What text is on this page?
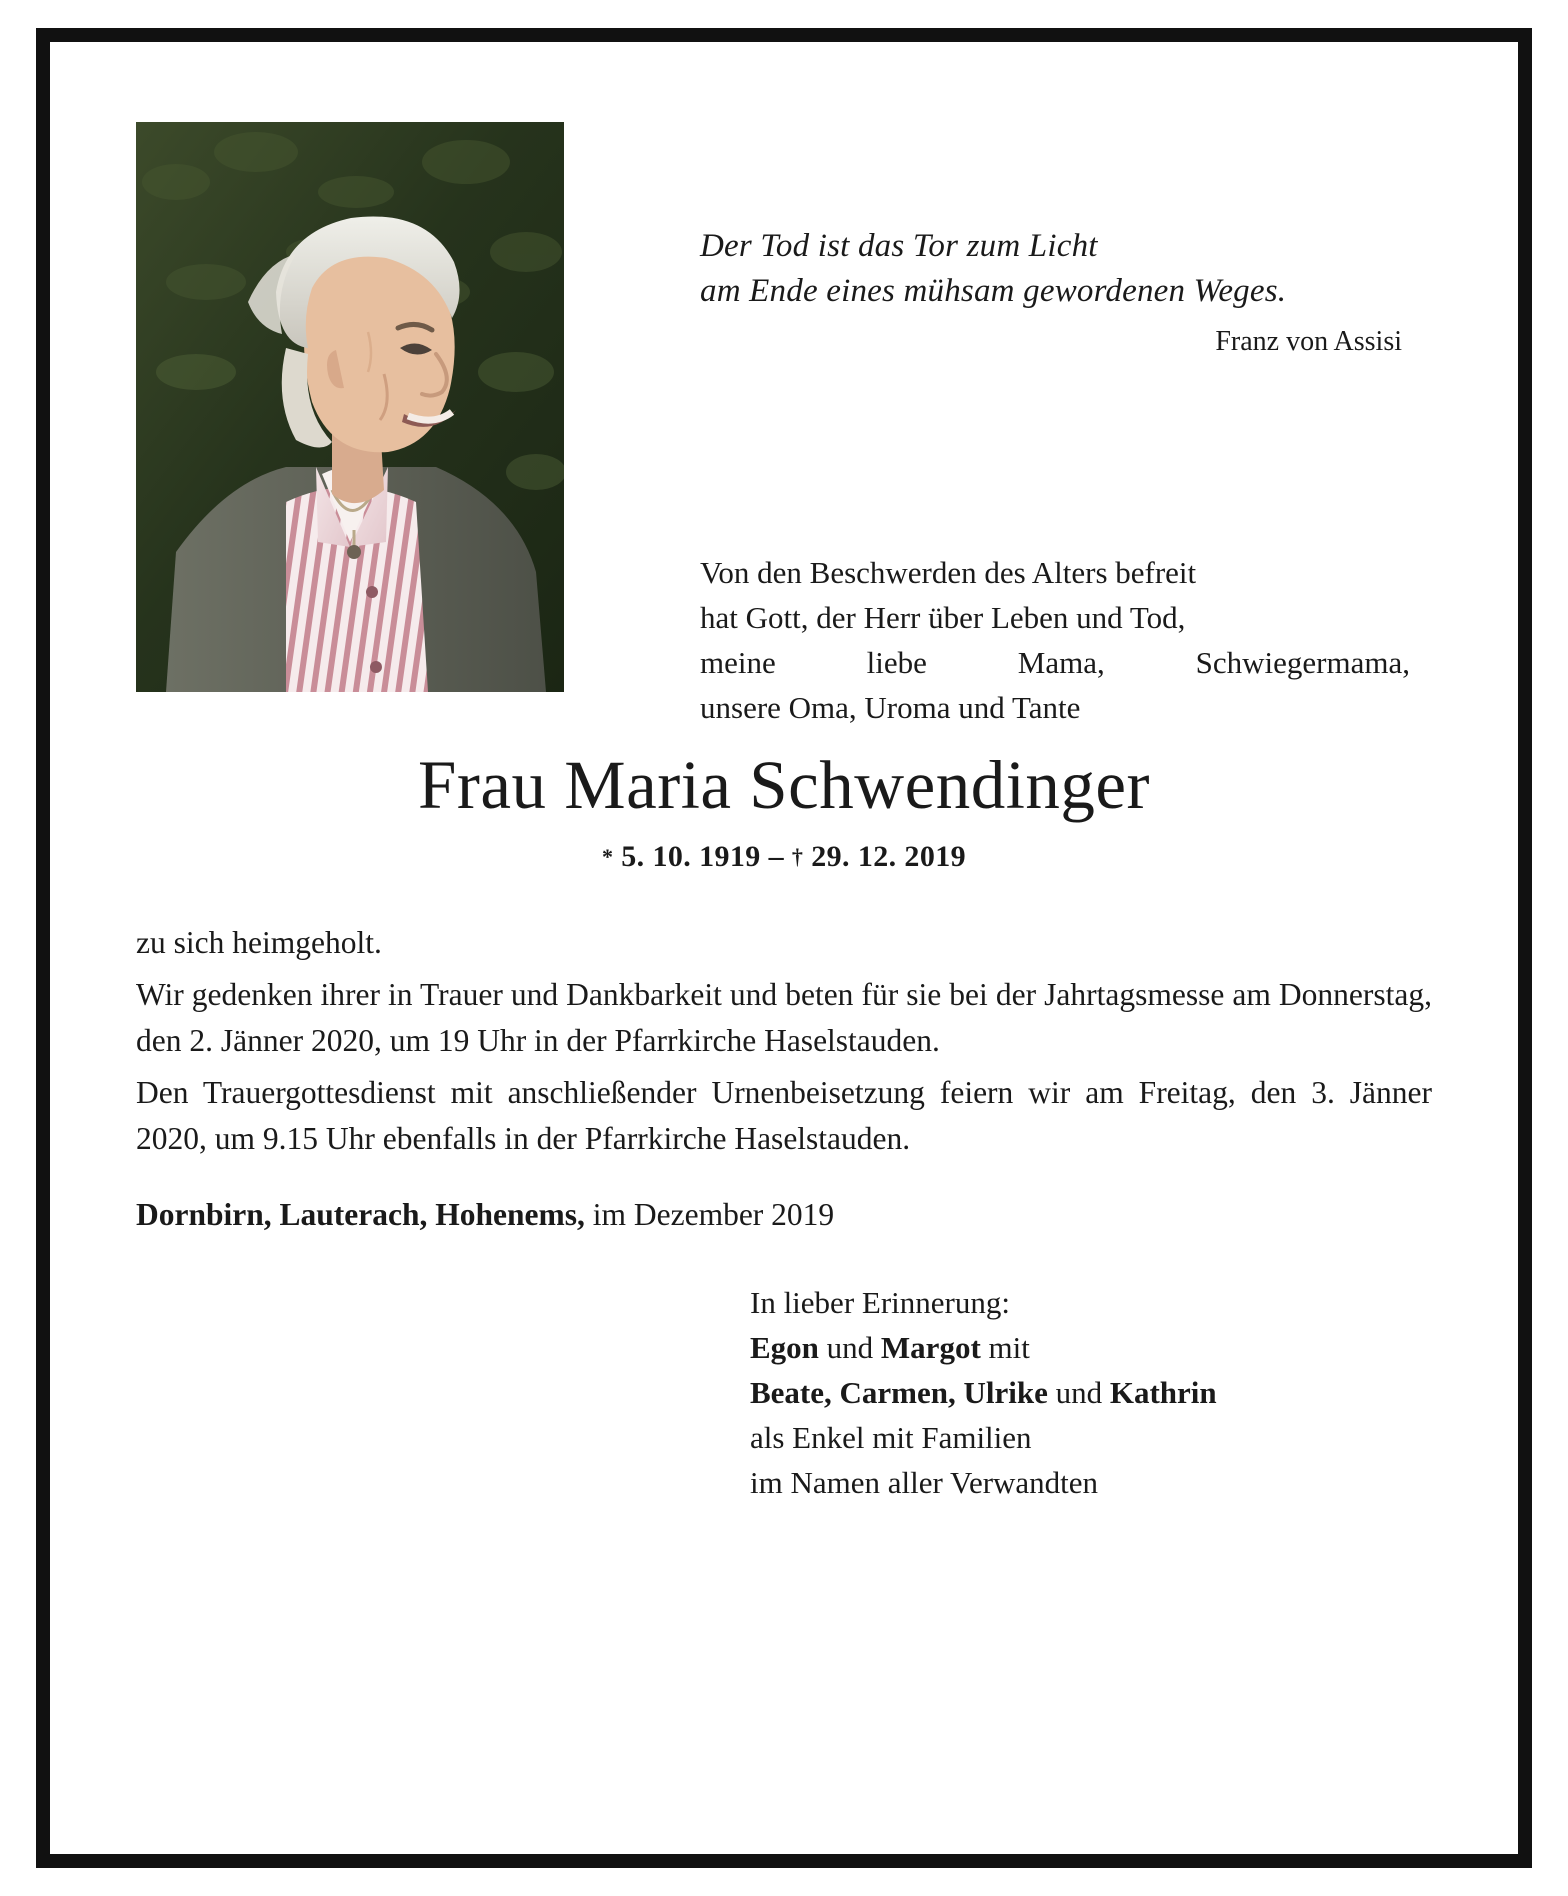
Der Tod ist das Tor zum Licht
am Ende eines mühsam gewordenen Weges.
Franz von Assisi
Von den Beschwerden des Alters befreit
hat Gott, der Herr über Leben und Tod,
meine liebe Mama, Schwiegermama,
unsere Oma, Uroma und Tante
Frau Maria Schwendinger
* 5. 10. 1919 – † 29. 12. 2019

zu sich heimgeholt.

Wir gedenken ihrer in Trauer und Dankbarkeit und beten für sie bei der Jahrtagsmesse am Donnerstag, den 2. Jänner 2020, um 19 Uhr in der Pfarrkirche Haselstauden.

Den Trauergottesdienst mit anschließender Urnenbeisetzung feiern wir am Freitag, den 3. Jänner 2020, um 9.15 Uhr ebenfalls in der Pfarrkirche Haselstauden.

Dornbirn, Lauterach, Hohenems, im Dezember 2019
In lieber Erinnerung:
Egon und Margot mit
Beate, Carmen, Ulrike und Kathrin
als Enkel mit Familien
im Namen aller Verwandten
